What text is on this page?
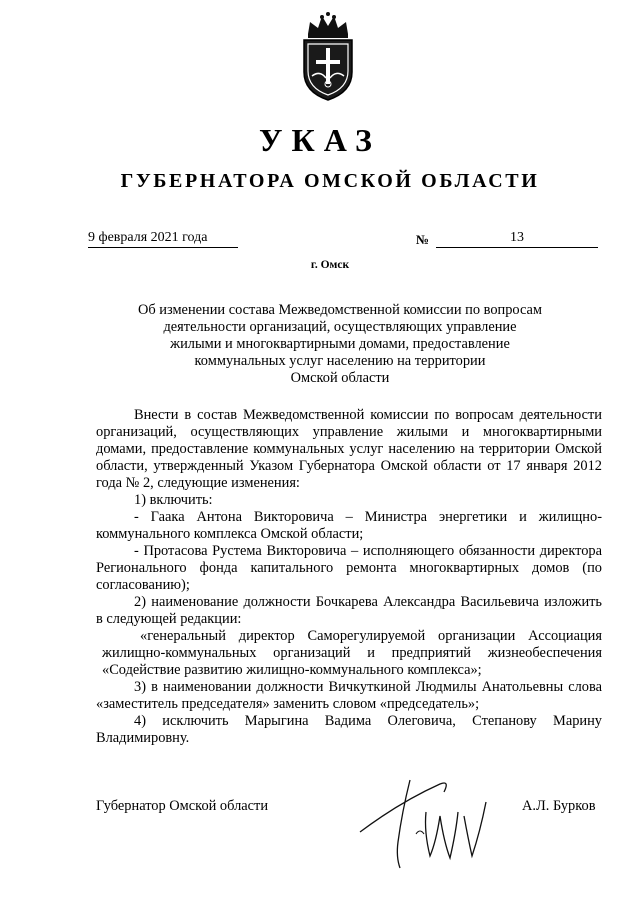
УКАЗ
ГУБЕРНАТОРА ОМСКОЙ ОБЛАСТИ
9 февраля 2021 года	№	13
г. Омск
Об изменении состава Межведомственной комиссии по вопросам
деятельности организаций, осуществляющих управление
жилыми и многоквартирными домами, предоставление
коммунальных услуг населению на территории
Омской области

Внести в состав Межведомственной комиссии по вопросам деятельности организаций, осуществляющих управление жилыми и многоквартирными домами, предоставление коммунальных услуг населению на территории Омской области, утвержденный Указом Губернатора Омской области от 17 января 2012 года № 2, следующие изменения:

1) включить:

- Гаака Антона Викторовича – Министра энергетики и жилищно-коммунального комплекса Омской области;

- Протасова Рустема Викторовича – исполняющего обязанности директора Регионального фонда капитального ремонта многоквартирных домов (по согласованию);

2) наименование должности Бочкарева Александра Васильевича изложить в следующей редакции:

«генеральный директор Саморегулируемой организации Ассоциация жилищно-коммунальных организаций и предприятий жизнеобеспечения «Содействие развитию жилищно-коммунального комплекса»;

3) в наименовании должности Вичкуткиной Людмилы Анатольевны слова «заместитель председателя» заменить словом «председатель»;

4) исключить Марыгина Вадима Олеговича, Степанову Марину Владимировну.

Губернатор Омской области	А.Л. Бурков
